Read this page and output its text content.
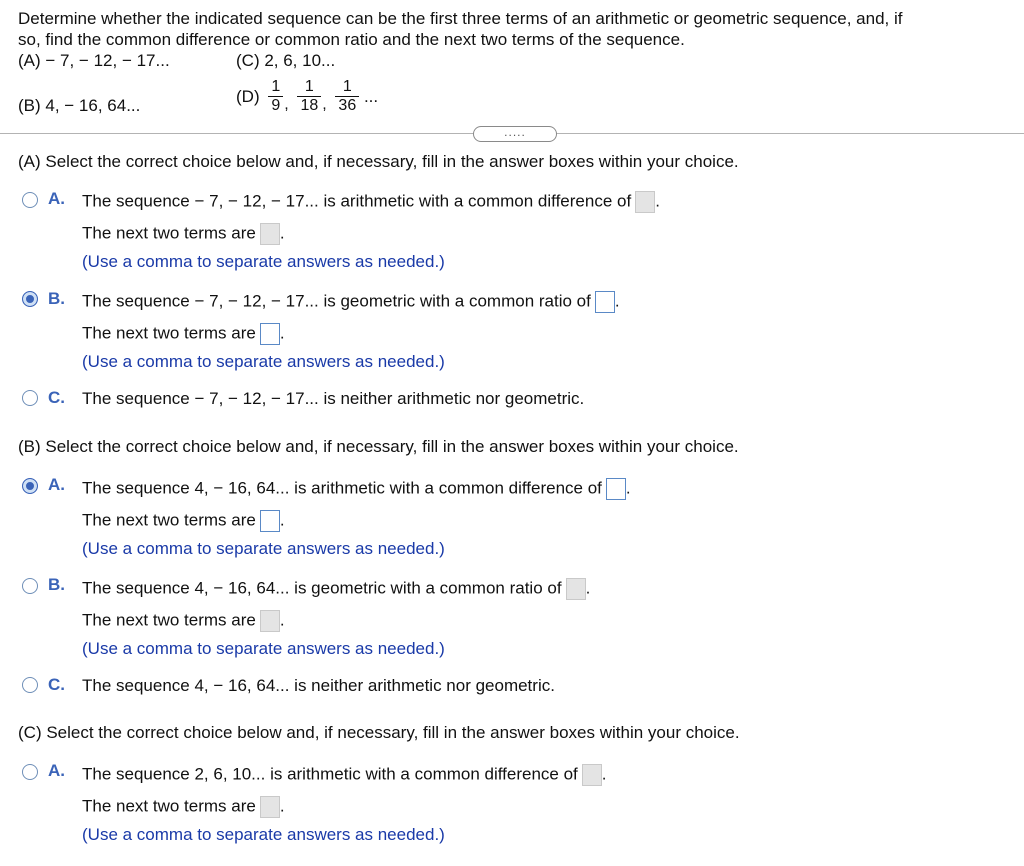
Determine whether the indicated sequence can be the first three terms of an arithmetic or geometric sequence, and, if
so, find the common difference or common ratio and the next two terms of the sequence.
(A) − 7, − 12, − 17...	(C) 2, 6, 10...
(B) 4, − 16, 64...	$(D) \frac{1}{9}$ , $\frac{1}{18}$ , $\frac{1}{36}$ ...
.....
(A) Select the correct choice below and, if necessary, fill in the answer boxes within your choice.
A. The sequence − 7, − 12, − 17... is arithmetic with a common difference of .
The next two terms are .
(Use a comma to separate answers as needed.)
B. The sequence − 7, − 12, − 17... is geometric with a common ratio of .
The next two terms are .
(Use a comma to separate answers as needed.)
C. The sequence − 7, − 12, − 17... is neither arithmetic nor geometric.
(B) Select the correct choice below and, if necessary, fill in the answer boxes within your choice.
A. The sequence 4, − 16, 64... is arithmetic with a common difference of .
The next two terms are .
(Use a comma to separate answers as needed.)
B. The sequence 4, − 16, 64... is geometric with a common ratio of .
The next two terms are .
(Use a comma to separate answers as needed.)
C. The sequence 4, − 16, 64... is neither arithmetic nor geometric.
(C) Select the correct choice below and, if necessary, fill in the answer boxes within your choice.
A. The sequence 2, 6, 10... is arithmetic with a common difference of .
The next two terms are .
(Use a comma to separate answers as needed.)
